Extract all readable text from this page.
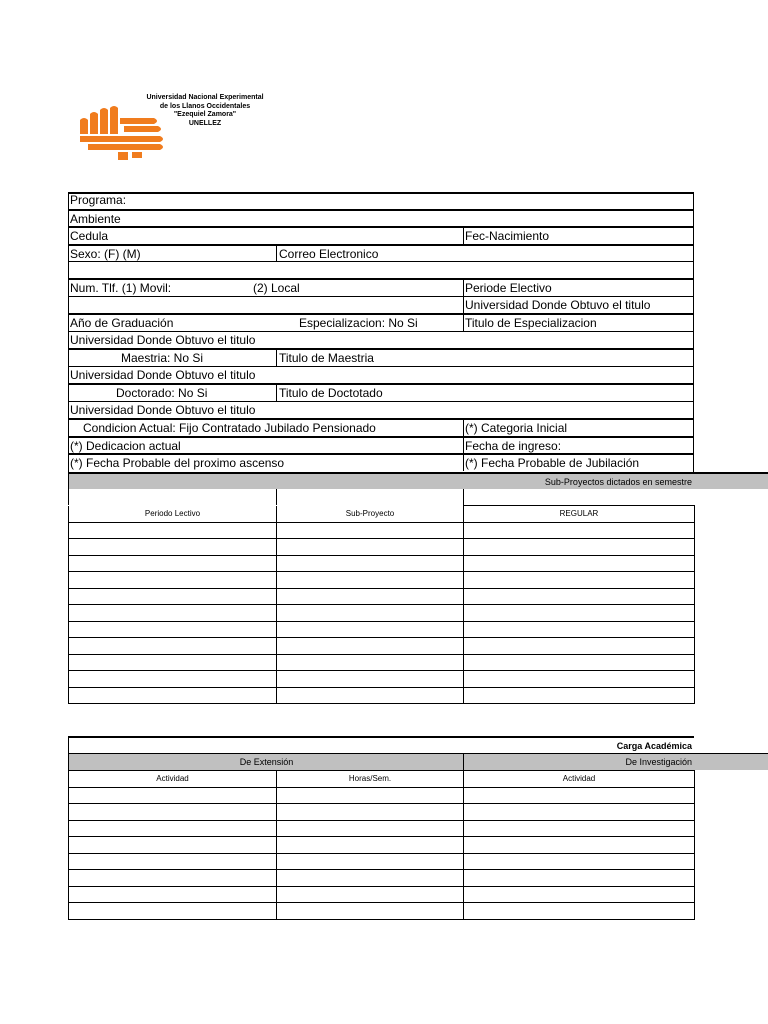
Universidad Nacional Experimental
de los Llanos Occidentales
"Ezequiel Zamora"
UNELLEZ
Programa:
Ambiente
Cedula	Fec-Nacimiento
Sexo: (F) (M)	Correo Electronico
Num. Tlf. (1) Movil:	(2) Local	Periode Electivo
Universidad Donde Obtuvo el titulo
Año de Graduación	Especializacion: No Si	Titulo de Especializacion
Universidad Donde Obtuvo el titulo
Maestria: No Si	Titulo de Maestria
Universidad Donde Obtuvo el titulo
Doctorado: No Si	Titulo de Doctotado
Universidad Donde Obtuvo el titulo
Condicion Actual: Fijo Contratado Jubilado Pensionado	(*) Categoria Inicial
(*) Dedicacion actual	Fecha de ingreso:
(*) Fecha Probable del proximo ascenso	(*) Fecha Probable de Jubilación
Sub-Proyectos dictados en semestre
Periodo Lectivo	Sub-Proyecto	REGULAR

Carga Académica
De Extensión	De Investigación
Actividad	Horas/Sem.	Actividad
